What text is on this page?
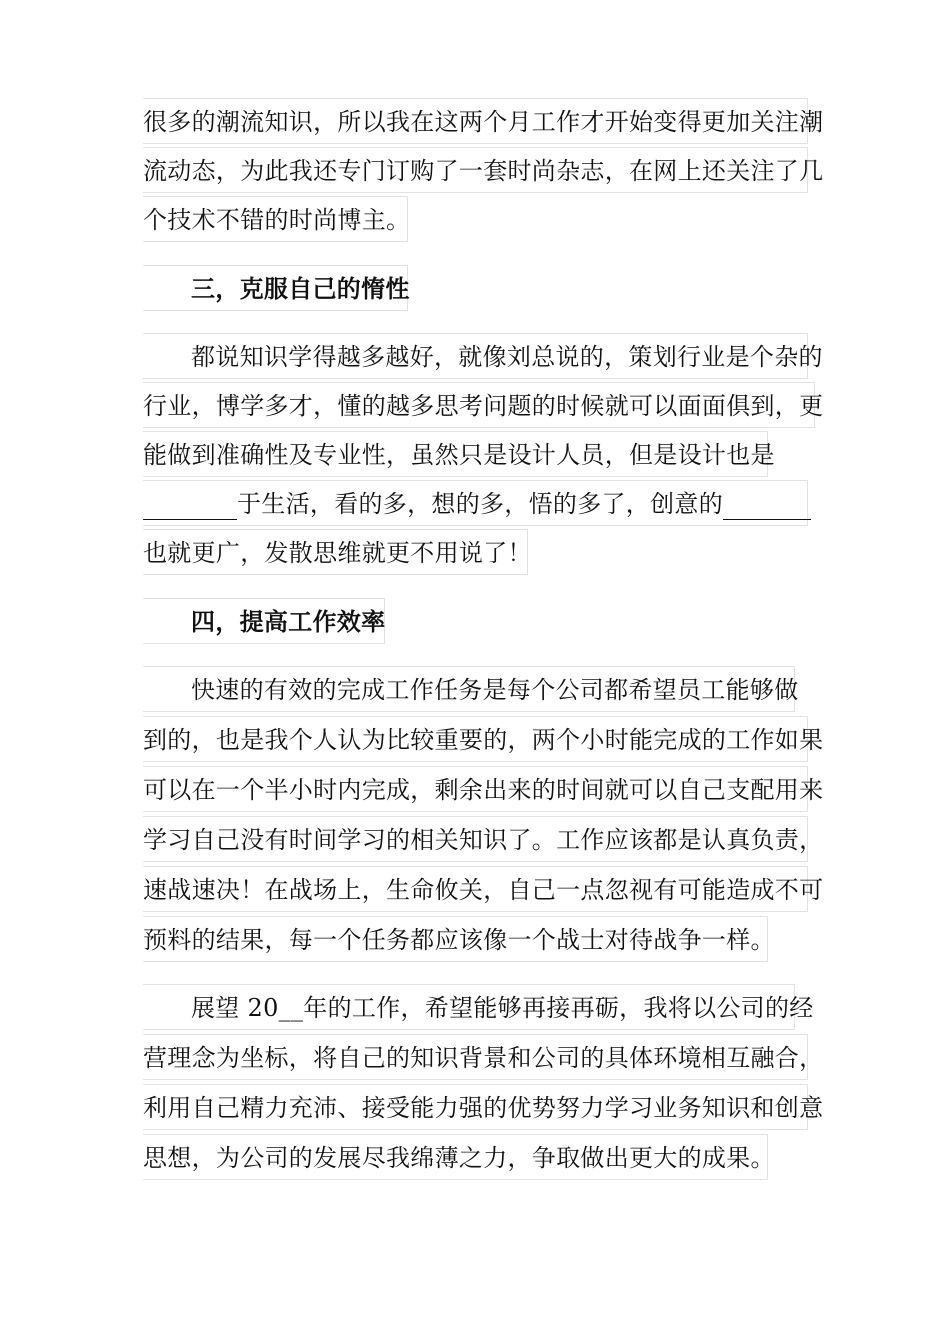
很多的潮流知识，所以我在这两个月工作才开始变得更加关注潮
流动态，为此我还专门订购了一套时尚杂志，在网上还关注了几
个技术不错的时尚博主。
三，克服自己的惰性
都说知识学得越多越好，就像刘总说的，策划行业是个杂的
行业，博学多才，懂的越多思考问题的时候就可以面面俱到，更
能做到准确性及专业性，虽然只是设计人员，但是设计也是
于生活，看的多，想的多，悟的多了，创意的
也就更广，发散思维就更不用说了！
四，提高工作效率
快速的有效的完成工作任务是每个公司都希望员工能够做
到的，也是我个人认为比较重要的，两个小时能完成的工作如果
可以在一个半小时内完成，剩余出来的时间就可以自己支配用来
学习自己没有时间学习的相关知识了。工作应该都是认真负责，
速战速决！在战场上，生命攸关，自己一点忽视有可能造成不可
预料的结果，每一个任务都应该像一个战士对待战争一样。
展望 20__年的工作，希望能够再接再砺，我将以公司的经
营理念为坐标，将自己的知识背景和公司的具体环境相互融合，
利用自己精力充沛、接受能力强的优势努力学习业务知识和创意
思想，为公司的发展尽我绵薄之力，争取做出更大的成果。
